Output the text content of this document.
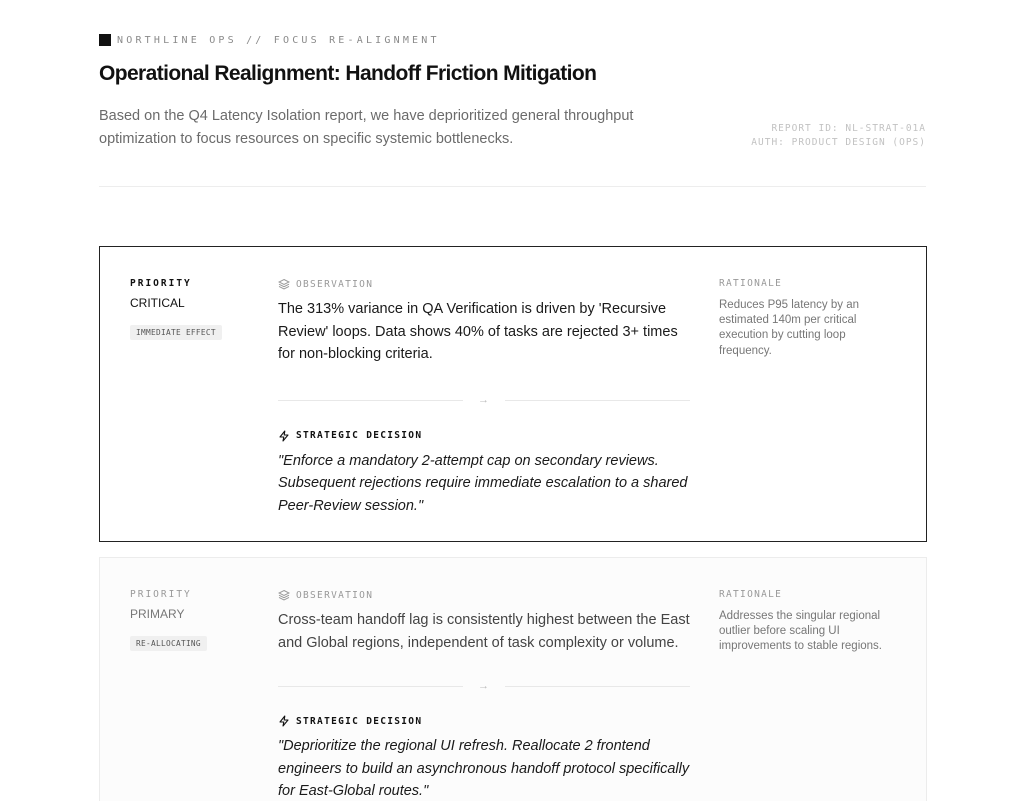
NORTHLINE OPS // FOCUS RE-ALIGNMENT
Operational Realignment: Handoff Friction Mitigation

Based on the Q4 Latency Isolation report, we have deprioritized general throughput optimization to focus resources on specific systemic bottlenecks.

REPORT ID: NL-STRAT-01A
AUTH: PRODUCT DESIGN (OPS)
PRIORITY
CRITICAL
IMMEDIATE EFFECT
OBSERVATION
The 313% variance in QA Verification is driven by 'Recursive Review' loops. Data shows 40% of tasks are rejected 3+ times for non-blocking criteria.
→
STRATEGIC DECISION
"Enforce a mandatory 2-attempt cap on secondary reviews. Subsequent rejections require immediate escalation to a shared Peer-Review session."
RATIONALE
Reduces P95 latency by an estimated 140m per critical execution by cutting loop frequency.
PRIORITY
PRIMARY
RE-ALLOCATING
OBSERVATION
Cross-team handoff lag is consistently highest between the East and Global regions, independent of task complexity or volume.
→
STRATEGIC DECISION
"Deprioritize the regional UI refresh. Reallocate 2 frontend engineers to build an asynchronous handoff protocol specifically for East-Global routes."
RATIONALE
Addresses the singular regional outlier before scaling UI improvements to stable regions.
